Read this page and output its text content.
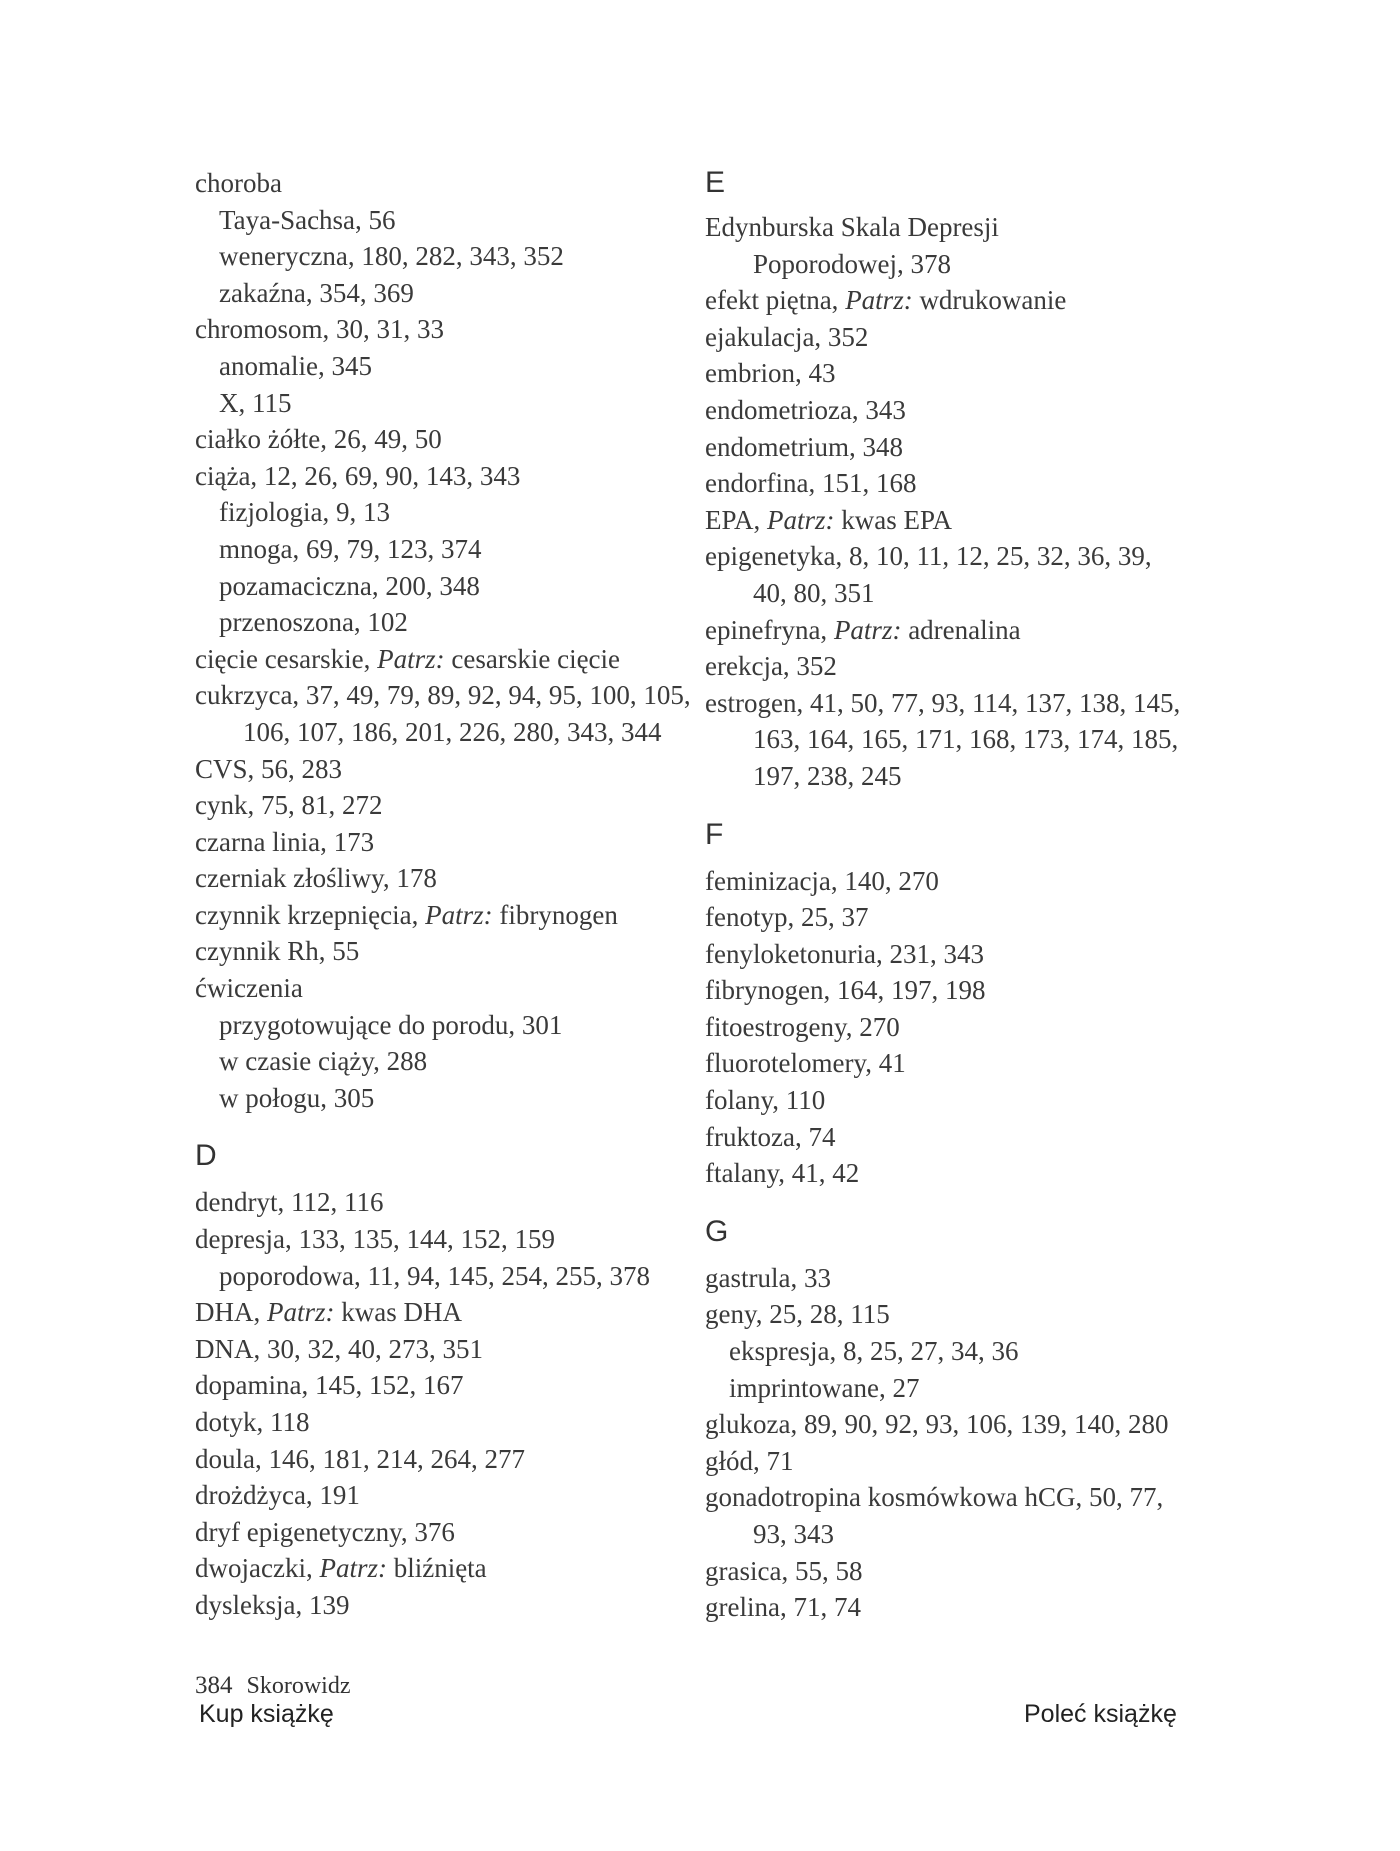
choroba
Taya-Sachsa, 56
weneryczna, 180, 282, 343, 352
zakaźna, 354, 369
chromosom, 30, 31, 33
anomalie, 345
X, 115
ciałko żółte, 26, 49, 50
ciąża, 12, 26, 69, 90, 143, 343
fizjologia, 9, 13
mnoga, 69, 79, 123, 374
pozamaciczna, 200, 348
przenoszona, 102
cięcie cesarskie, Patrz: cesarskie cięcie
cukrzyca, 37, 49, 79, 89, 92, 94, 95, 100, 105,
106, 107, 186, 201, 226, 280, 343, 344
CVS, 56, 283
cynk, 75, 81, 272
czarna linia, 173
czerniak złośliwy, 178
czynnik krzepnięcia, Patrz: fibrynogen
czynnik Rh, 55
ćwiczenia
przygotowujące do porodu, 301
w czasie ciąży, 288
w połogu, 305
D
dendryt, 112, 116
depresja, 133, 135, 144, 152, 159
poporodowa, 11, 94, 145, 254, 255, 378
DHA, Patrz: kwas DHA
DNA, 30, 32, 40, 273, 351
dopamina, 145, 152, 167
dotyk, 118
doula, 146, 181, 214, 264, 277
drożdżyca, 191
dryf epigenetyczny, 376
dwojaczki, Patrz: bliźnięta
dysleksja, 139
E
Edynburska Skala Depresji
Poporodowej, 378
efekt piętna, Patrz: wdrukowanie
ejakulacja, 352
embrion, 43
endometrioza, 343
endometrium, 348
endorfina, 151, 168
EPA, Patrz: kwas EPA
epigenetyka, 8, 10, 11, 12, 25, 32, 36, 39,
40, 80, 351
epinefryna, Patrz: adrenalina
erekcja, 352
estrogen, 41, 50, 77, 93, 114, 137, 138, 145,
163, 164, 165, 171, 168, 173, 174, 185,
197, 238, 245
F
feminizacja, 140, 270
fenotyp, 25, 37
fenyloketonuria, 231, 343
fibrynogen, 164, 197, 198
fitoestrogeny, 270
fluorotelomery, 41
folany, 110
fruktoza, 74
ftalany, 41, 42
G
gastrula, 33
geny, 25, 28, 115
ekspresja, 8, 25, 27, 34, 36
imprintowane, 27
glukoza, 89, 90, 92, 93, 106, 139, 140, 280
głód, 71
gonadotropina kosmówkowa hCG, 50, 77,
93, 343
grasica, 55, 58
grelina, 71, 74
384 Skorowidz
Kup książkę	Poleć książkę
